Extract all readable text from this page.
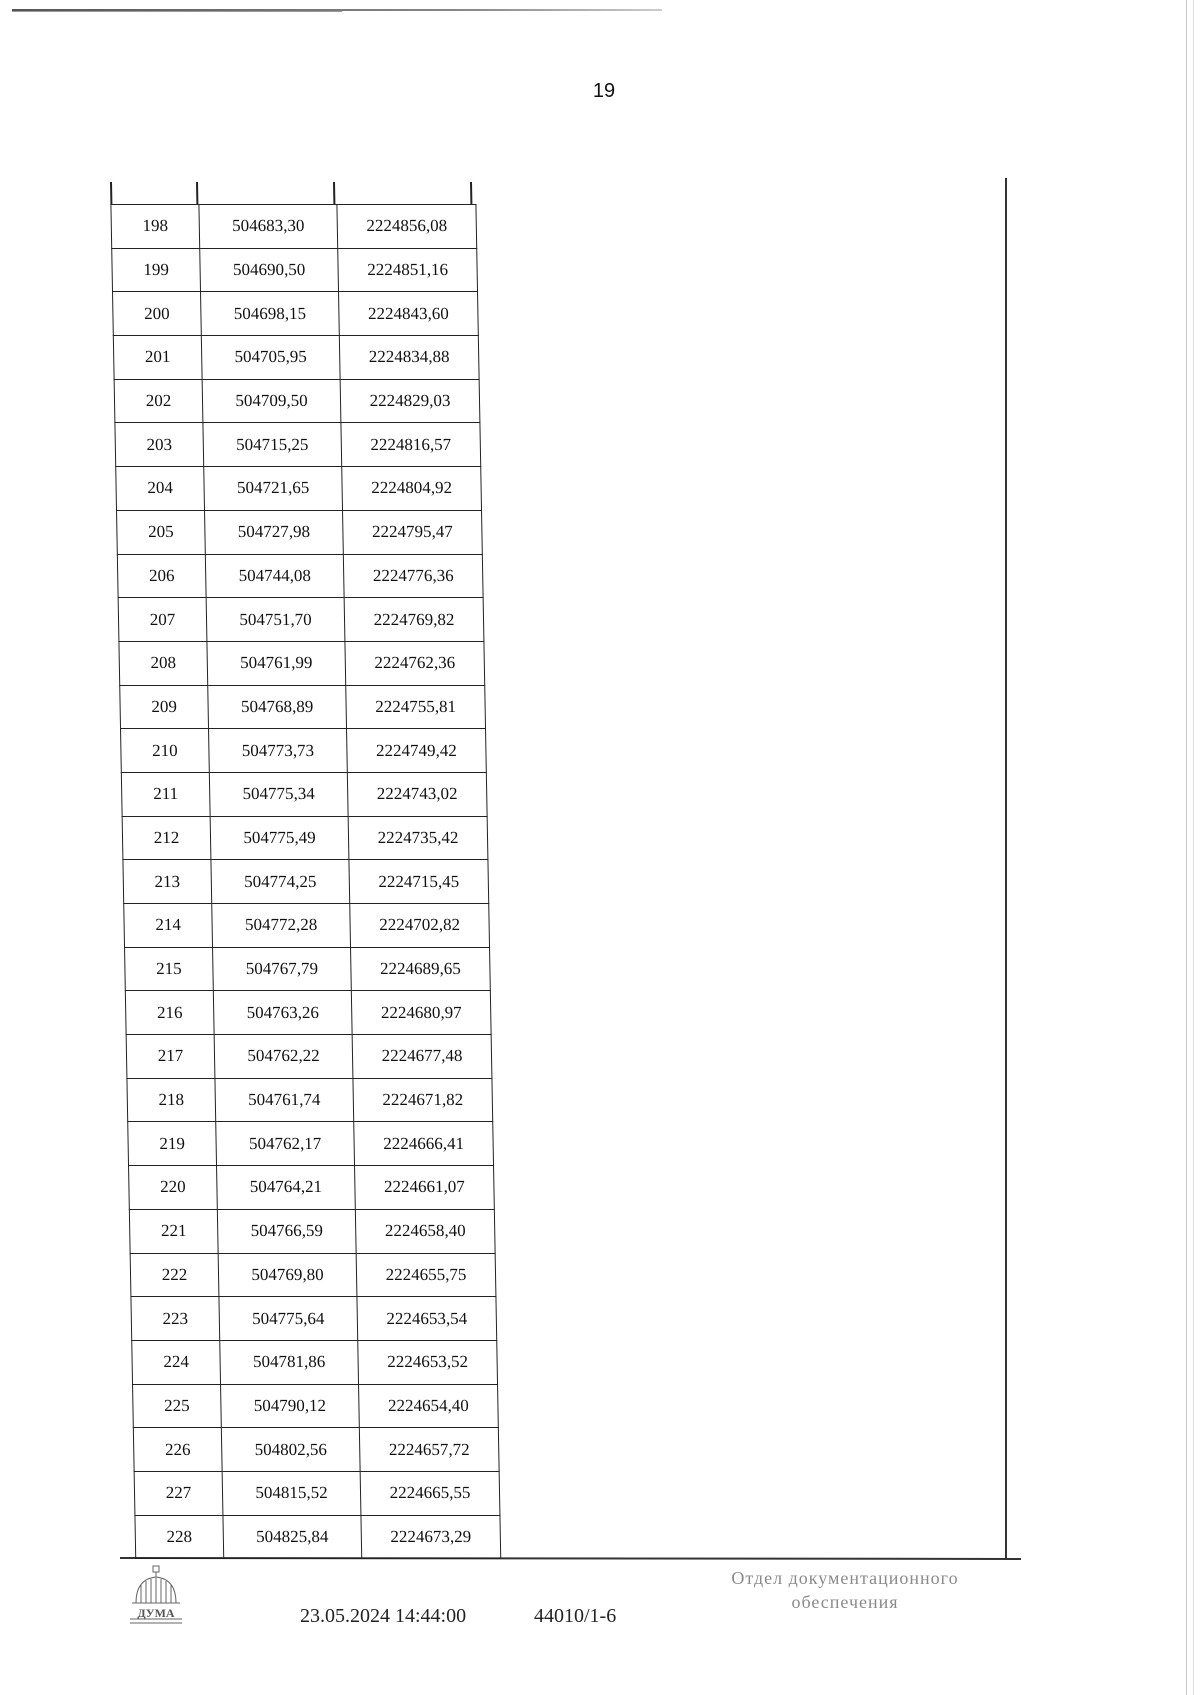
19
198	504683,30	2224856,08
199	504690,50	2224851,16
200	504698,15	2224843,60
201	504705,95	2224834,88
202	504709,50	2224829,03
203	504715,25	2224816,57
204	504721,65	2224804,92
205	504727,98	2224795,47
206	504744,08	2224776,36
207	504751,70	2224769,82
208	504761,99	2224762,36
209	504768,89	2224755,81
210	504773,73	2224749,42
211	504775,34	2224743,02
212	504775,49	2224735,42
213	504774,25	2224715,45
214	504772,28	2224702,82
215	504767,79	2224689,65
216	504763,26	2224680,97
217	504762,22	2224677,48
218	504761,74	2224671,82
219	504762,17	2224666,41
220	504764,21	2224661,07
221	504766,59	2224658,40
222	504769,80	2224655,75
223	504775,64	2224653,54
224	504781,86	2224653,52
225	504790,12	2224654,40
226	504802,56	2224657,72
227	504815,52	2224665,55
228	504825,84	2224673,29
ДУМА	23.05.2024 14:44:00	44010/1-6
Отдел документационного
обеспечения
